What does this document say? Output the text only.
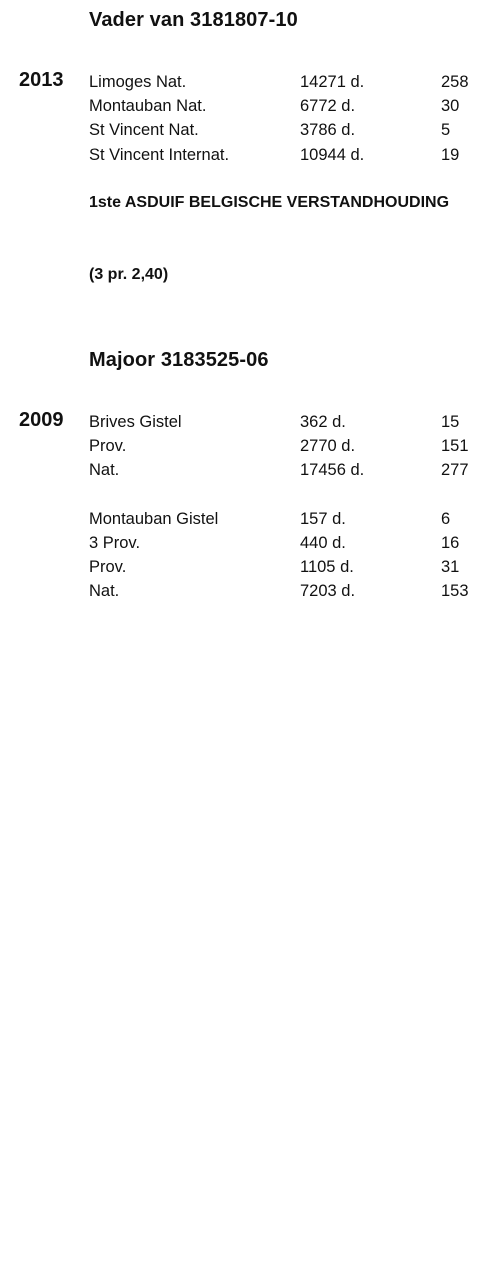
Vader van 3181807-10
2013 Limoges Nat.	14271 d.	258
Montauban Nat.	6772 d.	30
St Vincent Nat.	3786 d.	5
St Vincent Internat.	10944 d.	19
1ste ASDUIF BELGISCHE VERSTANDHOUDING
(3 pr. 2,40)
Majoor 3183525-06
2009 Brives Gistel	362 d.	15
Prov.	2770 d.	151
Nat.	17456 d.	277
Montauban Gistel	157 d.	6
3 Prov.	440 d.	16
Prov.	1105 d.	31
Nat.	7203 d.	153
